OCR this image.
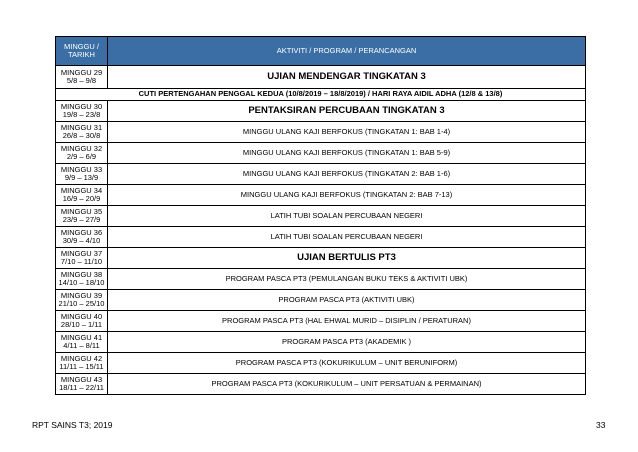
MINGGU / TARIKH	AKTIVITI / PROGRAM / PERANCANGAN

MINGGU 29
5/8 – 9/8	UJIAN MENDENGAR TINGKATAN 3
CUTI PERTENGAHAN PENGGAL KEDUA (10/8/2019 – 18/8/2019) / HARI RAYA AIDIL ADHA (12/8 & 13/8)	

MINGGU 30
19/8 – 23/8	PENTAKSIRAN PERCUBAAN TINGKATAN 3

MINGGU 31
26/8 – 30/8	MINGGU ULANG KAJI BERFOKUS (TINGKATAN 1: BAB 1-4)

MINGGU 32
2/9 – 6/9	MINGGU ULANG KAJI BERFOKUS (TINGKATAN 1: BAB 5-9)

MINGGU 33
9/9 – 13/9	MINGGU ULANG KAJI BERFOKUS (TINGKATAN 2: BAB 1-6)

MINGGU 34
16/9 – 20/9	MINGGU ULANG KAJI BERFOKUS (TINGKATAN 2: BAB 7-13)

MINGGU 35
23/9 – 27/9	LATIH TUBI SOALAN PERCUBAAN NEGERI

MINGGU 36
30/9 – 4/10	LATIH TUBI SOALAN PERCUBAAN NEGERI

MINGGU 37
7/10 – 11/10	UJIAN BERTULIS PT3

MINGGU 38
14/10 – 18/10	PROGRAM PASCA PT3 (PEMULANGAN BUKU TEKS & AKTIVITI UBK)

MINGGU 39
21/10 – 25/10	PROGRAM PASCA PT3 (AKTIVITI UBK)

MINGGU 40
28/10 – 1/11	PROGRAM PASCA PT3 (HAL EHWAL MURID – DISIPLIN / PERATURAN)

MINGGU 41
4/11 – 8/11	PROGRAM PASCA PT3 (AKADEMIK )

MINGGU 42
11/11 – 15/11	PROGRAM PASCA PT3 (KOKURIKULUM – UNIT BERUNIFORM)

MINGGU 43
18/11 – 22/11	PROGRAM PASCA PT3 (KOKURIKULUM – UNIT PERSATUAN & PERMAINAN)
RPT SAINS T3; 2019	33
